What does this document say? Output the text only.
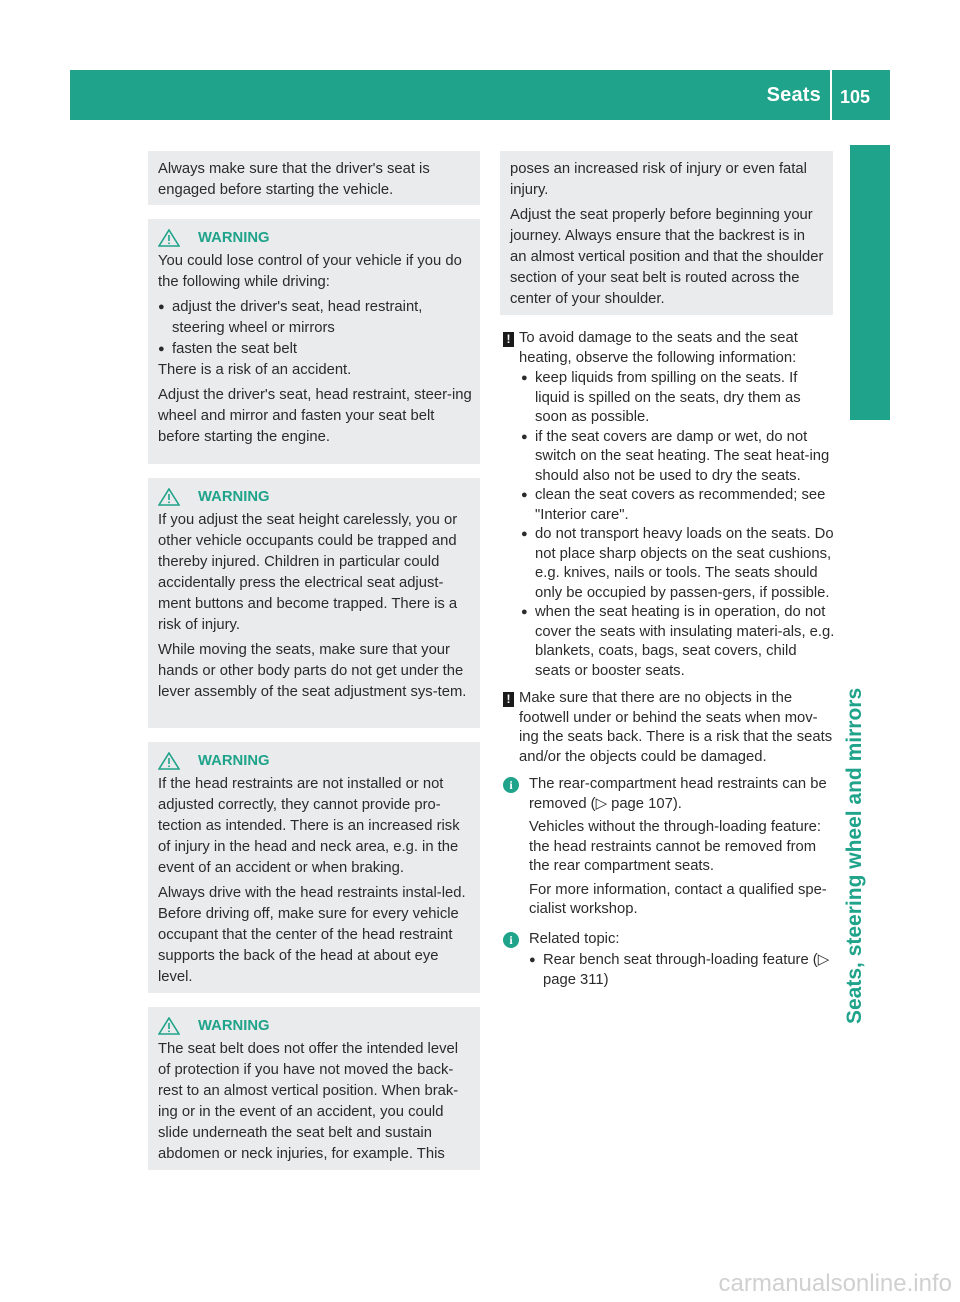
Seats 105
Seats, steering wheel and mirrors

Always make sure that the driver's seat is engaged before starting the vehicle.

WARNING

You could lose control of your vehicle if you do the following while driving:

● adjust the driver's seat, head restraint, steering wheel or mirrors
● fasten the seat belt

There is a risk of an accident.

Adjust the driver's seat, head restraint, steer-ing wheel and mirror and fasten your seat belt before starting the engine.

WARNING

If you adjust the seat height carelessly, you or other vehicle occupants could be trapped and thereby injured. Children in particular could accidentally press the electrical seat adjust-ment buttons and become trapped. There is a risk of injury.

While moving the seats, make sure that your hands or other body parts do not get under the lever assembly of the seat adjustment sys-tem.

WARNING

If the head restraints are not installed or not adjusted correctly, they cannot provide pro-tection as intended. There is an increased risk of injury in the head and neck area, e.g. in the event of an accident or when braking.

Always drive with the head restraints instal-led. Before driving off, make sure for every vehicle occupant that the center of the head restraint supports the back of the head at about eye level.

WARNING

The seat belt does not offer the intended level of protection if you have not moved the back-rest to an almost vertical position. When brak-ing or in the event of an accident, you could slide underneath the seat belt and sustain abdomen or neck injuries, for example. This

poses an increased risk of injury or even fatal injury.

Adjust the seat properly before beginning your journey. Always ensure that the backrest is in an almost vertical position and that the shoulder section of your seat belt is routed across the center of your shoulder.

! To avoid damage to the seats and the seat heating, observe the following information:

● keep liquids from spilling on the seats. If liquid is spilled on the seats, dry them as soon as possible.
● if the seat covers are damp or wet, do not switch on the seat heating. The seat heat-ing should also not be used to dry the seats.
● clean the seat covers as recommended; see "Interior care".
● do not transport heavy loads on the seats. Do not place sharp objects on the seat cushions, e.g. knives, nails or tools. The seats should only be occupied by passen-gers, if possible.
● when the seat heating is in operation, do not cover the seats with insulating materi-als, e.g. blankets, coats, bags, seat covers, child seats or booster seats.
! Make sure that there are no objects in the footwell under or behind the seats when mov-ing the seats back. There is a risk that the seats and/or the objects could be damaged.

i	The rear-compartment head restraints can be removed (▷ page 107).

Vehicles without the through-loading feature: the head restraints cannot be removed from the rear compartment seats.

For more information, contact a qualified spe-cialist workshop.

i	Related topic:

● Rear bench seat through-loading feature (▷ page 311)
carmanualsonline.info
